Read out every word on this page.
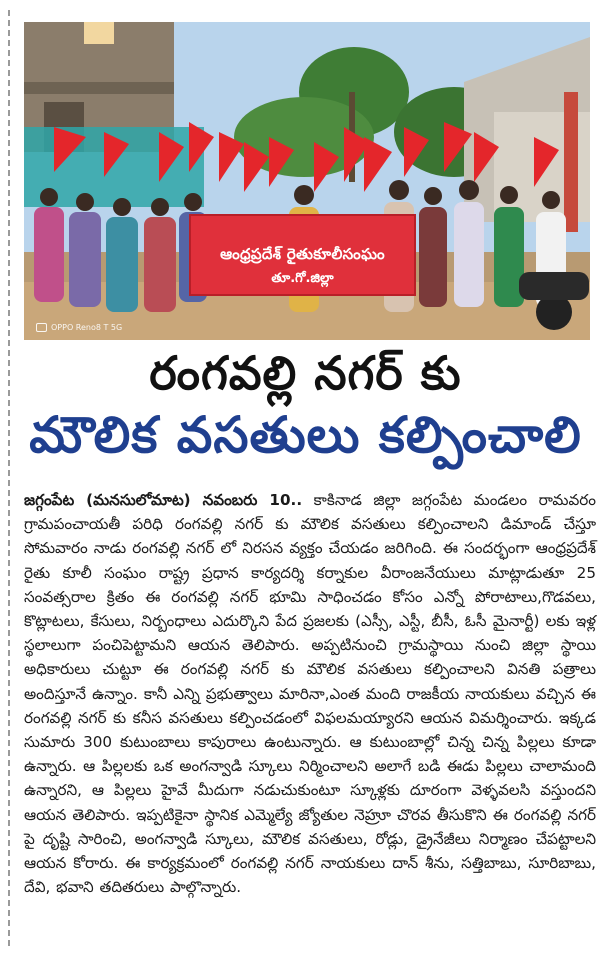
ఆంధ్రప్రదేశ్ రైతుకూలీసంఘం
తూ.గో.జిల్లా
OPPO Reno8 T 5G
రంగవల్లి నగర్ కు
మౌలిక వసతులు కల్పించాలి
జగ్గంపేట (మనసులోమాట) నవంబరు 10.. కాకినాడ జిల్లా జగ్గంపేట మండలం రామవరం గ్రామపంచాయతీ పరిధి రంగవల్లి నగర్ కు మౌలిక వసతులు కల్పించాలని డిమాండ్ చేస్తూ సోమవారం నాడు రంగవల్లి నగర్ లో నిరసన వ్యక్తం చేయడం జరిగింది. ఈ సందర్భంగా ఆంధ్రప్రదేశ్ రైతు కూలీ సంఘం రాష్ట్ర ప్రధాన కార్యదర్శి కర్నాకుల వీరాంజనేయులు మాట్లాడుతూ 25 సంవత్సరాల క్రితం ఈ రంగవల్లి నగర్ భూమి సాధించడం కోసం ఎన్నో పోరాటాలు,గొడవలు, కొట్లాటలు, కేసులు, నిర్బంధాలు ఎదుర్కొని పేద ప్రజలకు (ఎస్సీ, ఎస్టీ, బీసీ, ఓసీ మైనార్టీ) లకు ఇళ్ల స్థలాలుగా పంచిపెట్టామని ఆయన తెలిపారు. అప్పటినుంచి గ్రామస్థాయి నుంచి జిల్లా స్థాయి అధికారులు చుట్టూ ఈ రంగవల్లి నగర్ కు మౌలిక వసతులు కల్పించాలని వినతి పత్రాలు అందిస్తూనే ఉన్నాం. కానీ ఎన్ని ప్రభుత్వాలు మారినా,ఎంత మంది రాజకీయ నాయకులు వచ్చిన ఈ రంగవల్లి నగర్ కు కనీస వసతులు కల్పించడంలో విఫలమయ్యారని ఆయన విమర్శించారు. ఇక్కడ సుమారు 300 కుటుంబాలు కాపురాలు ఉంటున్నారు. ఆ కుటుంబాల్లో చిన్న చిన్న పిల్లలు కూడా ఉన్నారు. ఆ పిల్లలకు ఒక అంగన్వాడి స్కూలు నిర్మించాలని అలాగే బడి ఈడు పిల్లలు చాలామంది ఉన్నారని, ఆ పిల్లలు హైవే మీదుగా నడుచుకుంటూ స్కూళ్లకు దూరంగా వెళ్ళవలసి వస్తుందని ఆయన తెలిపారు. ఇప్పటికైనా స్థానిక ఎమ్మెల్యే జ్యోతుల నెహ్రూ చొరవ తీసుకొని ఈ రంగవల్లి నగర్ పై దృష్టి సారించి, అంగన్వాడి స్కూలు, మౌలిక వసతులు, రోడ్లు, డ్రైనేజీలు నిర్మాణం చేపట్టాలని ఆయన కోరారు. ఈ కార్యక్రమంలో రంగవల్లి నగర్ నాయకులు దాన్ శీను, సత్తిబాబు, సూరిబాబు, దేవి, భవాని తదితరులు పాల్గొన్నారు.
